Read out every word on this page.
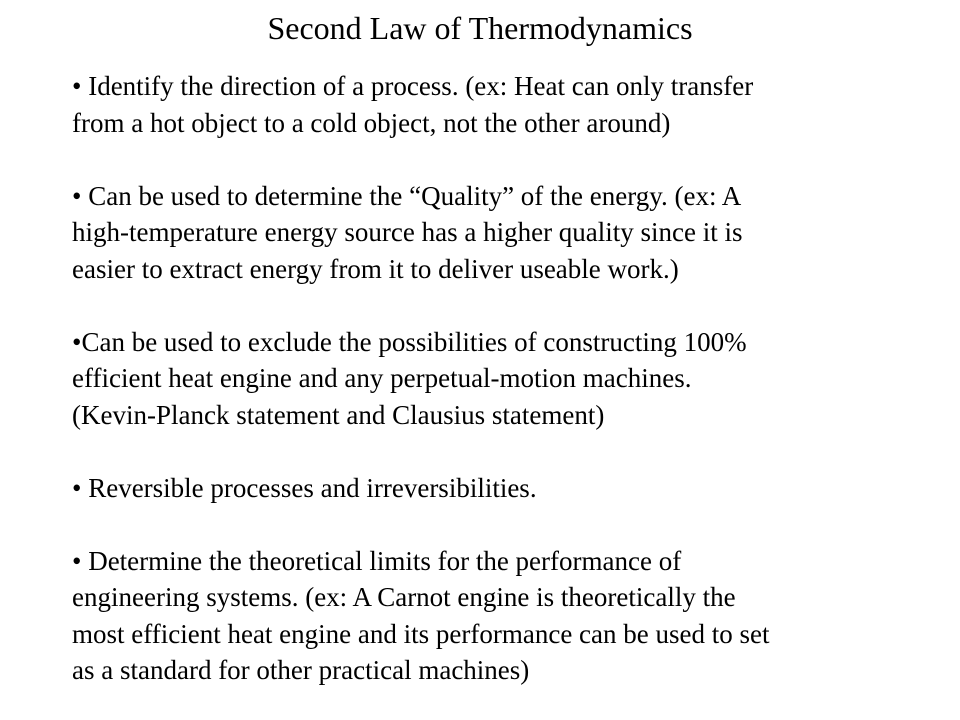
Second Law of Thermodynamics
• Identify the direction of a process. (ex: Heat can only transfer
from a hot object to a cold object, not the other around)
• Can be used to determine the “Quality” of the energy. (ex: A
high-temperature energy source has a higher quality since it is
easier to extract energy from it to deliver useable work.)
•Can be used to exclude the possibilities of constructing 100%
efficient heat engine and any perpetual-motion machines.
(Kevin-Planck statement and Clausius statement)
• Reversible processes and irreversibilities.
• Determine the theoretical limits for the performance of
engineering systems. (ex: A Carnot engine is theoretically the
most efficient heat engine and its performance can be used to set
as a standard for other practical machines)
